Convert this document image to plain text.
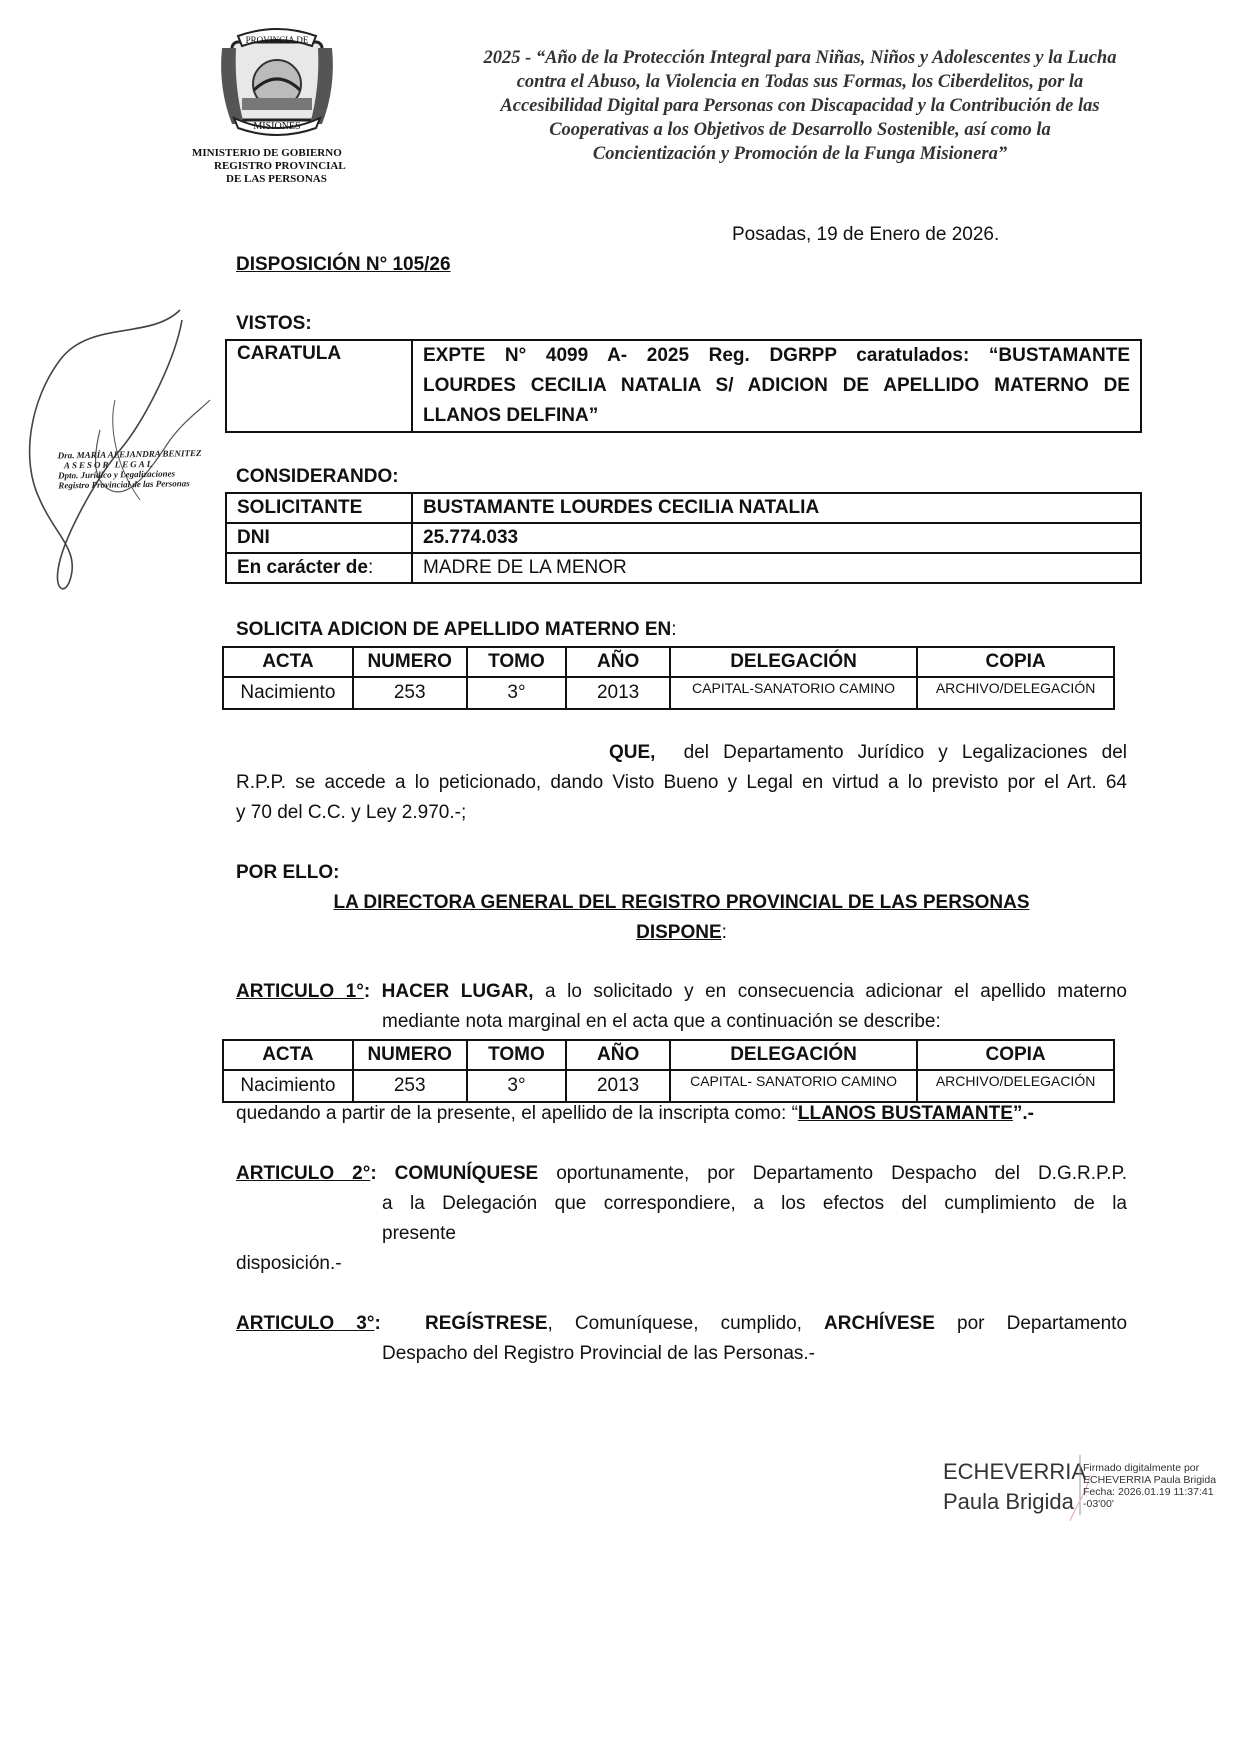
PROVINCIA DE
MISIONES
MINISTERIO DE GOBIERNO
REGISTRO PROVINCIAL
DE LAS PERSONAS
2025 - “Año de la Protección Integral para Niñas, Niños y Adolescentes y la Lucha
contra el Abuso, la Violencia en Todas sus Formas, los Ciberdelitos, por la
Accesibilidad Digital para Personas con Discapacidad y la Contribución de las
Cooperativas a los Objetivos de Desarrollo Sostenible, así como la
Concientización y Promoción de la Funga Misionera”
Posadas, 19 de Enero de 2026.
DISPOSICIÓN N° 105/26
VISTOS:
CARATULA	EXPTE N° 4099 A- 2025 Reg. DGRPP caratulados: “BUSTAMANTE
LOURDES CECILIA NATALIA S/ ADICION DE APELLIDO MATERNO DE
LLANOS DELFINA”
CONSIDERANDO:
SOLICITANTE	BUSTAMANTE LOURDES CECILIA NATALIA
DNI	25.774.033
En carácter de:	MADRE DE LA MENOR
SOLICITA ADICION DE APELLIDO MATERNO EN:
ACTA	NUMERO	TOMO	AÑO	DELEGACIÓN	COPIA
Nacimiento	253	3°	2013	CAPITAL-SANATORIO CAMINO	ARCHIVO/DELEGACIÓN
QUE, del Departamento Jurídico y Legalizaciones del
R.P.P. se accede a lo peticionado, dando Visto Bueno y Legal en virtud a lo previsto por el Art. 64
y 70 del C.C. y Ley 2.970.-;
POR ELLO:
LA DIRECTORA GENERAL DEL REGISTRO PROVINCIAL DE LAS PERSONAS
DISPONE:
ARTICULO 1°: HACER LUGAR, a lo solicitado y en consecuencia adicionar el apellido materno
mediante nota marginal en el acta que a continuación se describe:
ACTA	NUMERO	TOMO	AÑO	DELEGACIÓN	COPIA
Nacimiento	253	3°	2013	CAPITAL- SANATORIO CAMINO	ARCHIVO/DELEGACIÓN
quedando a partir de la presente, el apellido de la inscripta como: “LLANOS BUSTAMANTE”.-
ARTICULO 2°: COMUNÍQUESE oportunamente, por Departamento Despacho del D.G.R.P.P.
a la Delegación que correspondiere, a los efectos del cumplimiento de la
presente
disposición.-
ARTICULO 3°: REGÍSTRESE, Comuníquese, cumplido, ARCHÍVESE por Departamento
Despacho del Registro Provincial de las Personas.-
Dra. MARÍA ALEJANDRA BENITEZ
ASESOR LEGAL
Dpto. Jurídico y Legalizaciones
Registro Provincial de las Personas
ECHEVERRIA
Paula Brigida
Firmado digitalmente por
ECHEVERRIA Paula Brigida
Fecha: 2026.01.19 11:37:41
-03'00'
